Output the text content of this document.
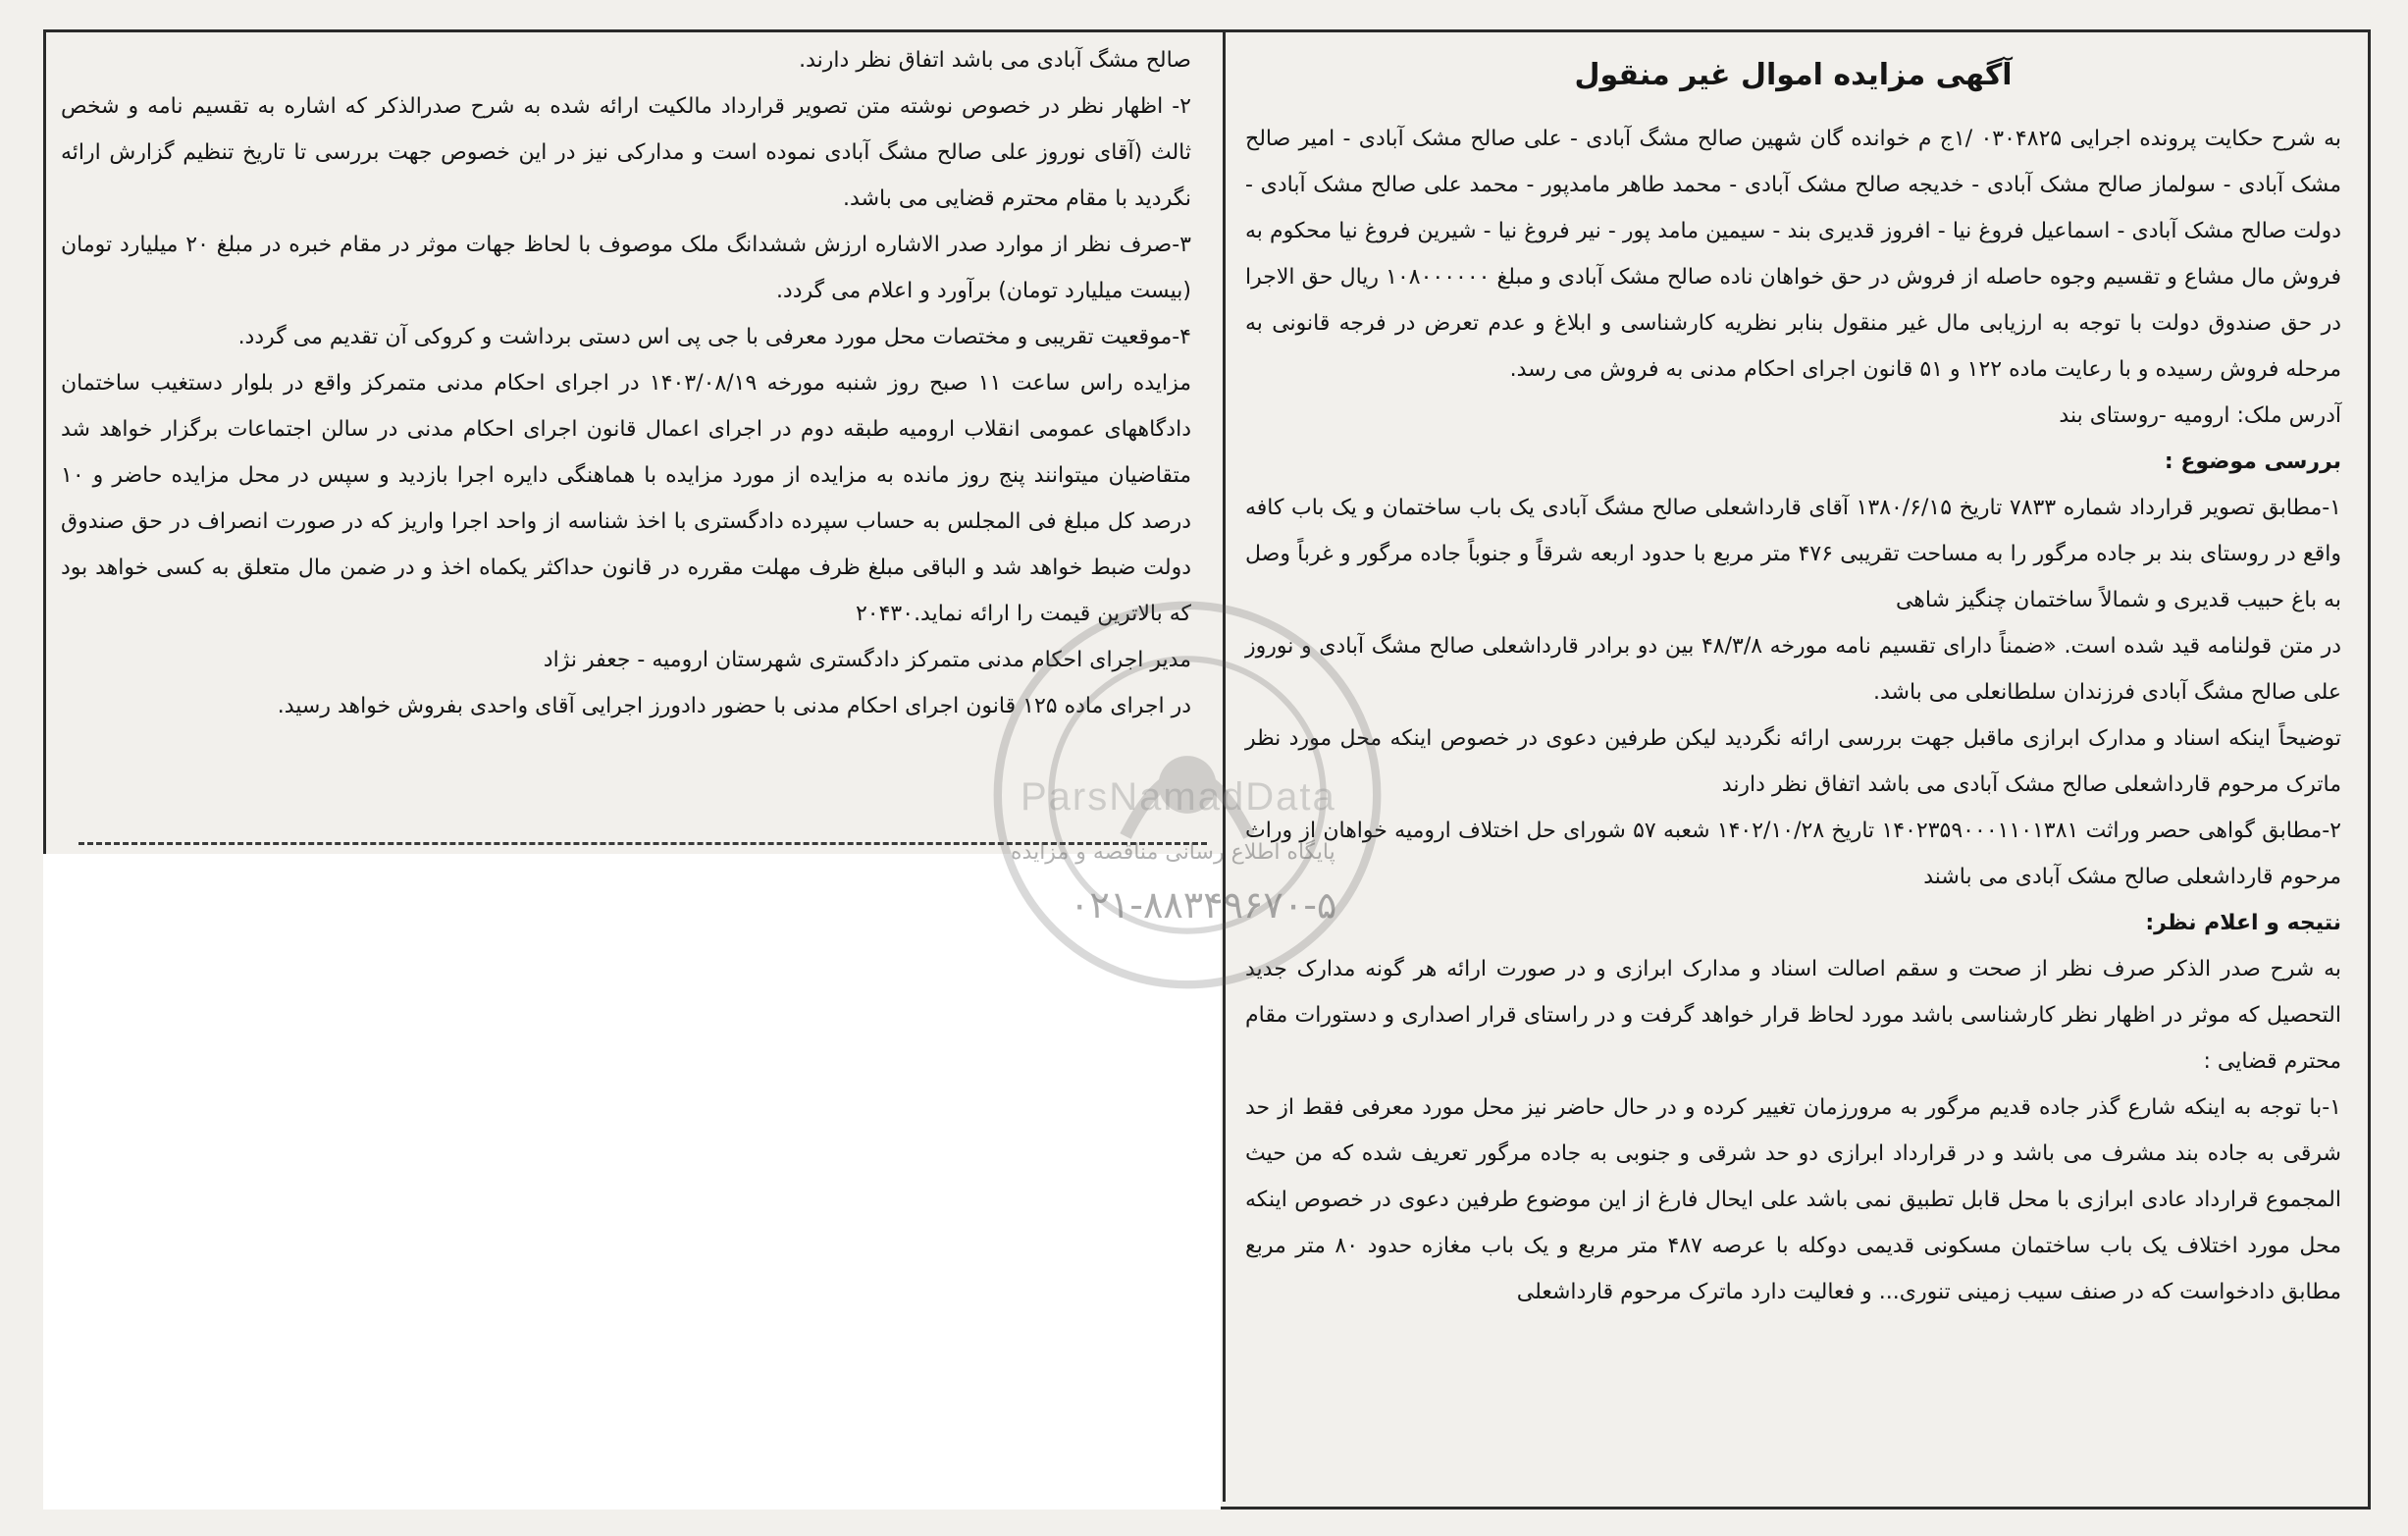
آگهی مزایده اموال غیر منقول

به شرح حکایت پرونده اجرایی ۰۳۰۴۸۲۵ /۱ج م خوانده گان شهین صالح مشگ آبادی - علی صالح مشک آبادی - امیر صالح مشک آبادی - سولماز صالح مشک آبادی - خدیجه صالح مشک آبادی - محمد طاهر مامدپور - محمد علی صالح مشک آبادی - دولت صالح مشک آبادی - اسماعیل فروغ نیا - افروز قدیری بند - سیمین مامد پور - نیر فروغ نیا - شیرین فروغ نیا محکوم به فروش مال مشاع و تقسیم وجوه حاصله از فروش در حق خواهان ناده صالح مشک آبادی و مبلغ ۱۰۸۰۰۰۰۰۰ ریال حق الاجرا در حق صندوق دولت با توجه به ارزیابی مال غیر منقول بنابر نظریه کارشناسی و ابلاغ و عدم تعرض در فرجه قانونی به مرحله فروش رسیده و با رعایت ماده ۱۲۲ و ۵۱ قانون اجرای احکام مدنی به فروش می رسد.

آدرس ملک: ارومیه -روستای بند

بررسی موضوع :

۱-مطابق تصویر قرارداد شماره ۷۸۳۳ تاریخ ۱۳۸۰/۶/۱۵ آقای قارداشعلی صالح مشگ آبادی یک باب ساختمان و یک باب کافه واقع در روستای بند بر جاده مرگور را به مساحت تقریبی ۴۷۶ متر مربع با حدود اربعه شرقاً و جنوباً جاده مرگور و غرباً وصل به باغ حبیب قدیری و شمالاً ساختمان چنگیز شاهی

در متن قولنامه قید شده است. «ضمناً دارای تقسیم نامه مورخه ۴۸/۳/۸ بین دو برادر قارداشعلی صالح مشگ آبادی و نوروز علی صالح مشگ آبادی فرزندان سلطانعلی می باشد.

توضیحاً اینکه اسناد و مدارک ابرازی ماقبل جهت بررسی ارائه نگردید لیکن طرفین دعوی در خصوص اینکه محل مورد نظر ماترک مرحوم قارداشعلی صالح مشک آبادی می باشد اتفاق نظر دارند

۲-مطابق گواهی حصر وراثت ۱۴۰۲۳۵۹۰۰۰۱۱۰۱۳۸۱ تاریخ ۱۴۰۲/۱۰/۲۸ شعبه ۵۷ شورای حل اختلاف ارومیه خواهان از وراث مرحوم قارداشعلی صالح مشک آبادی می باشند

نتیجه و اعلام نظر:

به شرح صدر الذکر صرف نظر از صحت و سقم اصالت اسناد و مدارک ابرازی و در صورت ارائه هر گونه مدارک جدید التحصیل که موثر در اظهار نظر کارشناسی باشد مورد لحاظ قرار خواهد گرفت و در راستای قرار اصداری و دستورات مقام محترم قضایی :

۱-با توجه به اینکه شارع گذر جاده قدیم مرگور به مرورزمان تغییر کرده و در حال حاضر نیز محل مورد معرفی فقط از حد شرقی به جاده بند مشرف می باشد و در قرارداد ابرازی دو حد شرقی و جنوبی به جاده مرگور تعریف شده که من حیث المجموع قرارداد عادی ابرازی با محل قابل تطبیق نمی باشد علی ایحال فارغ از این موضوع طرفین دعوی در خصوص اینکه محل مورد اختلاف یک باب ساختمان مسکونی قدیمی دوکله با عرصه ۴۸۷ متر مربع و یک باب مغازه حدود ۸۰ متر مربع مطابق دادخواست که در صنف سیب زمینی تنوری... و فعالیت دارد ماترک مرحوم قارداشعلی

صالح مشگ آبادی می باشد اتفاق نظر دارند.

۲- اظهار نظر در خصوص نوشته متن تصویر قرارداد مالکیت ارائه شده به شرح صدرالذکر که اشاره به تقسیم نامه و شخص ثالث (آقای نوروز علی صالح مشگ آبادی نموده است و مدارکی نیز در این خصوص جهت بررسی تا تاریخ تنظیم گزارش ارائه نگردید با مقام محترم قضایی می باشد.

۳-صرف نظر از موارد صدر الاشاره ارزش ششدانگ ملک موصوف با لحاظ جهات موثر در مقام خبره در مبلغ ۲۰ میلیارد تومان (بیست میلیارد تومان) برآورد و اعلام می گردد.

۴-موقعیت تقریبی و مختصات محل مورد معرفی با جی پی اس دستی برداشت و کروکی آن تقدیم می گردد.

مزایده راس ساعت ۱۱ صبح روز شنبه مورخه ۱۴۰۳/۰۸/۱۹ در اجرای احکام مدنی متمرکز واقع در بلوار دستغیب ساختمان دادگاههای عمومی انقلاب ارومیه طبقه دوم در اجرای اعمال قانون اجرای احکام مدنی در سالن اجتماعات برگزار خواهد شد متقاضیان میتوانند پنج روز مانده به مزایده از مورد مزایده با هماهنگی دایره اجرا بازدید و سپس در محل مزایده حاضر و ۱۰ درصد کل مبلغ فی المجلس به حساب سپرده دادگستری با اخذ شناسه از واحد اجرا واریز که در صورت انصراف در حق صندوق دولت ضبط خواهد شد و الباقی مبلغ ظرف مهلت مقرره در قانون حداکثر یکماه اخذ و در ضمن مال متعلق به کسی خواهد بود که بالاترین قیمت را ارائه نماید.۲۰۴۳۰

مدیر اجرای احکام مدنی متمرکز دادگستری شهرستان ارومیه - جعفر نژاد

در اجرای ماده ۱۲۵ قانون اجرای احکام مدنی با حضور دادورز اجرایی آقای واحدی بفروش خواهد رسید.

ParsNamadData
پایگاه اطلاع رسانی مناقصه و مزایده
۰۲۱-۸۸۳۴۹۶۷۰-۵
